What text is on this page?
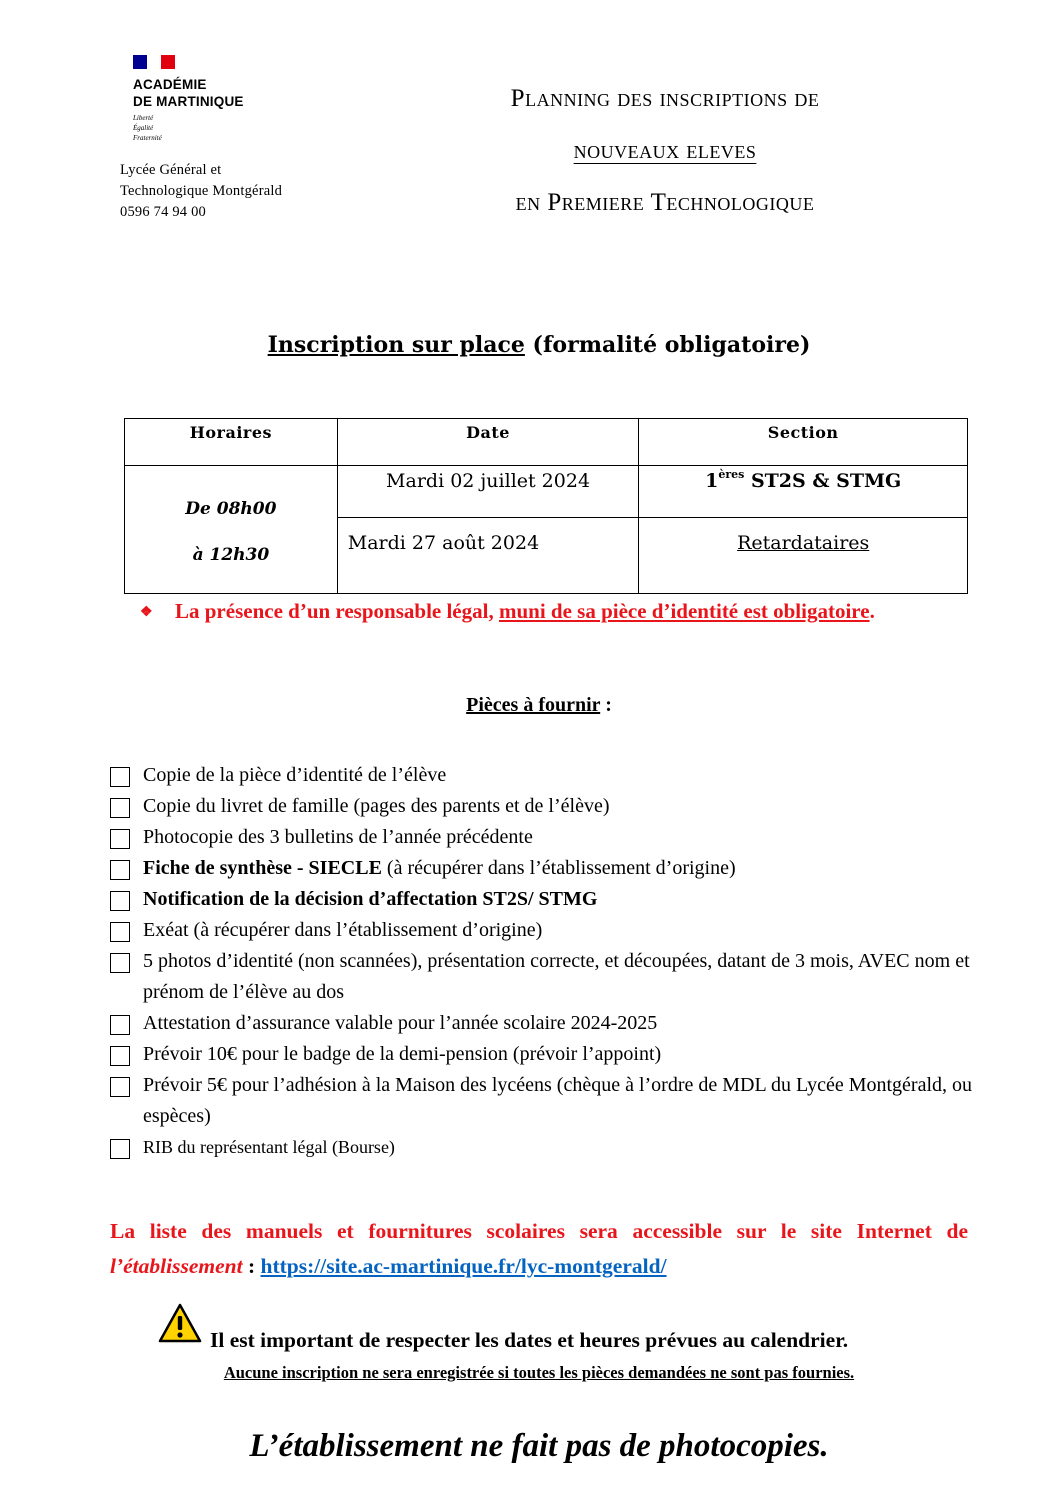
ACADÉMIE
DE MARTINIQUE
Liberté
Égalité
Fraternité
Lycée Général et
Technologique Montgérald
0596 74 94 00
Planning des inscriptions de
nouveaux eleves
en Premiere Technologique
Inscription sur place (formalité obligatoire)
Horaires	Date	Section

De 08h00
à 12h30	Mardi 02 juillet 2024	1ères ST2S & STMG
	Mardi 27 août 2024	Retardataires
❖	La présence d’un responsable légal, muni de sa pièce d’identité est obligatoire.
Pièces à fournir :
Copie de la pièce d’identité de l’élève
Copie du livret de famille (pages des parents et de l’élève)
Photocopie des 3 bulletins de l’année précédente
Fiche de synthèse - SIECLE (à récupérer dans l’établissement d’origine)
Notification de la décision d’affectation ST2S/ STMG
Exéat (à récupérer dans l’établissement d’origine)
5 photos d’identité (non scannées), présentation correcte, et découpées, datant de 3 mois, AVEC nom et prénom de l’élève au dos
Attestation d’assurance valable pour l’année scolaire 2024-2025
Prévoir 10€ pour le badge de la demi-pension (prévoir l’appoint)
Prévoir 5€ pour l’adhésion à la Maison des lycéens (chèque à l’ordre de MDL du Lycée Montgérald, ou espèces)
RIB du représentant légal (Bourse)
La liste des manuels et fournitures scolaires sera accessible sur le site Internet de l’établissement : https://site.ac-martinique.fr/lyc-montgerald/
Il est important de respecter les dates et heures prévues au calendrier.
Aucune inscription ne sera enregistrée si toutes les pièces demandées ne sont pas fournies.
L’établissement ne fait pas de photocopies.
